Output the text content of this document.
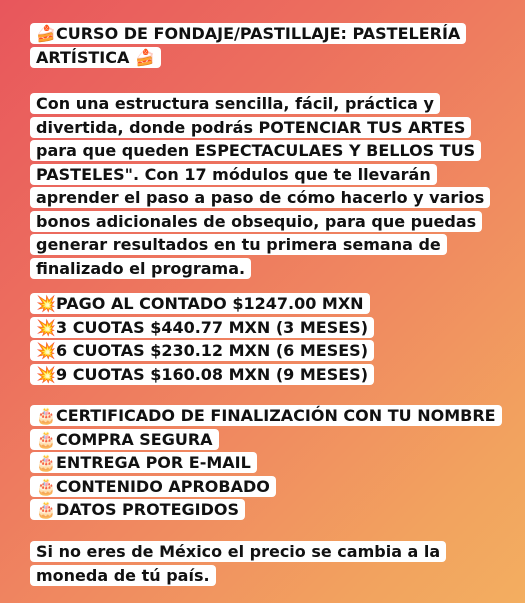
🍰CURSO DE FONDAJE/PASTILLAJE: PASTELERÍA ARTÍSTICA 🍰
Con una estructura sencilla, fácil, práctica y divertida, donde podrás POTENCIAR TUS ARTES para que queden ESPECTACULAES Y BELLOS TUS PASTELES". Con 17 módulos que te llevarán aprender el paso a paso de cómo hacerlo y varios bonos adicionales de obsequio, para que puedas generar resultados en tu primera semana de finalizado el programa.
💥PAGO AL CONTADO $1247.00 MXN
💥3 CUOTAS $440.77 MXN (3 MESES)
💥6 CUOTAS $230.12 MXN (6 MESES)
💥9 CUOTAS $160.08 MXN (9 MESES)
🎂CERTIFICADO DE FINALIZACIÓN CON TU NOMBRE
🎂COMPRA SEGURA
🎂ENTREGA POR E-MAIL
🎂CONTENIDO APROBADO
🎂DATOS PROTEGIDOS
Si no eres de México el precio se cambia a la moneda de tú país.
